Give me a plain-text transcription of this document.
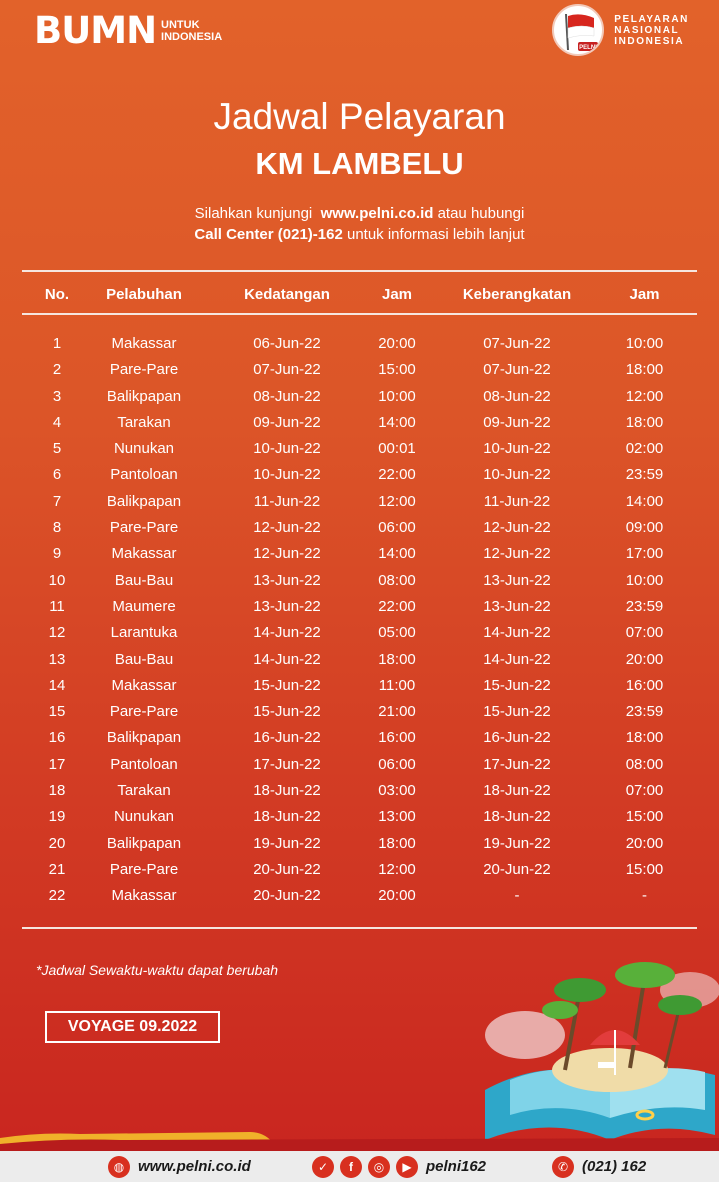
BUMN UNTUK
INDONESIA
PELNI
PELAYARAN
NASIONAL
INDONESIA
Jadwal Pelayaran
KM LAMBELU
Silahkan kunjungi www.pelni.co.id atau hubungi
Call Center (021)-162 untuk informasi lebih lanjut
No.	Pelabuhan	Kedatangan	Jam	Keberangkatan	Jam
1	Makassar	06-Jun-22	20:00	07-Jun-22	10:00
2	Pare-Pare	07-Jun-22	15:00	07-Jun-22	18:00
3	Balikpapan	08-Jun-22	10:00	08-Jun-22	12:00
4	Tarakan	09-Jun-22	14:00	09-Jun-22	18:00
5	Nunukan	10-Jun-22	00:01	10-Jun-22	02:00
6	Pantoloan	10-Jun-22	22:00	10-Jun-22	23:59
7	Balikpapan	11-Jun-22	12:00	11-Jun-22	14:00
8	Pare-Pare	12-Jun-22	06:00	12-Jun-22	09:00
9	Makassar	12-Jun-22	14:00	12-Jun-22	17:00
10	Bau-Bau	13-Jun-22	08:00	13-Jun-22	10:00
11	Maumere	13-Jun-22	22:00	13-Jun-22	23:59
12	Larantuka	14-Jun-22	05:00	14-Jun-22	07:00
13	Bau-Bau	14-Jun-22	18:00	14-Jun-22	20:00
14	Makassar	15-Jun-22	11:00	15-Jun-22	16:00
15	Pare-Pare	15-Jun-22	21:00	15-Jun-22	23:59
16	Balikpapan	16-Jun-22	16:00	16-Jun-22	18:00
17	Pantoloan	17-Jun-22	06:00	17-Jun-22	08:00
18	Tarakan	18-Jun-22	03:00	18-Jun-22	07:00
19	Nunukan	18-Jun-22	13:00	18-Jun-22	15:00
20	Balikpapan	19-Jun-22	18:00	19-Jun-22	20:00
21	Pare-Pare	20-Jun-22	12:00	20-Jun-22	15:00
22	Makassar	20-Jun-22	20:00	-	-
*Jadwal Sewaktu-waktu dapat berubah
VOYAGE 09.2022
◍ www.pelni.co.id	✓	f	◎	▶ pelni162	✆ (021) 162
